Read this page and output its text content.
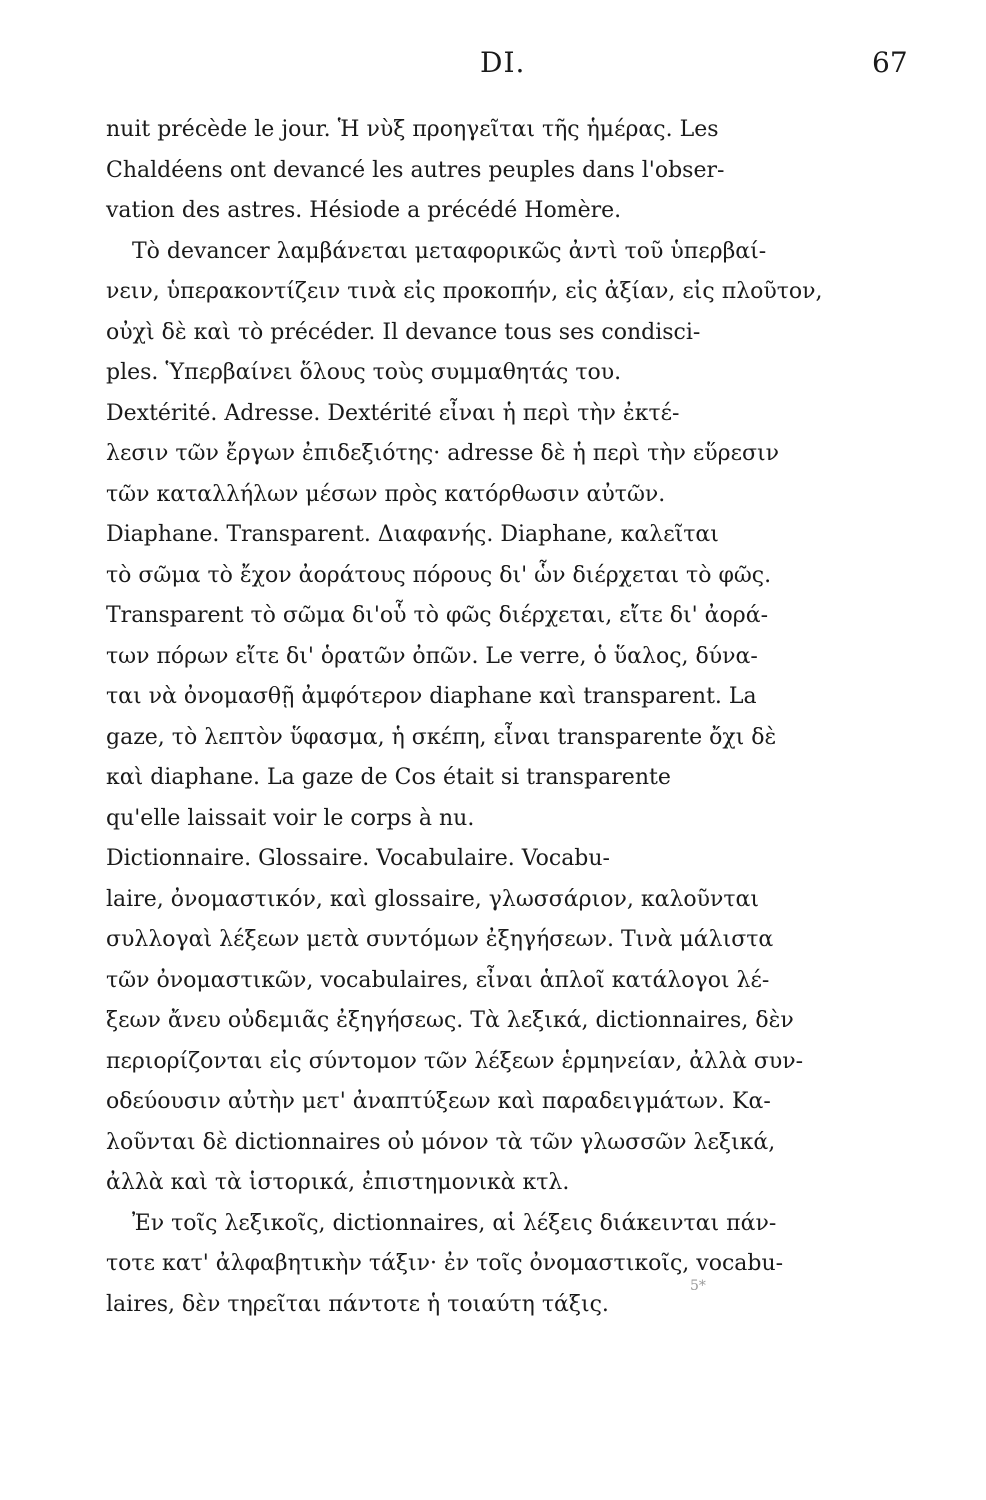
DI.	67
nuit précède le jour. Ἡ νὺξ προηγεῖται τῆς ἡμέρας. Les
Chaldéens ont devancé les autres peuples dans l'obser-
vation des astres. Hésiode a précédé Homère.
Τὸ devancer λαμβάνεται μεταφορικῶς ἀντὶ τοῦ ὑπερβαί-
νειν, ὑπερακοντίζειν τινὰ εἰς προκοπήν, εἰς ἀξίαν, εἰς πλοῦτον,
οὐχὶ δὲ καὶ τὸ précéder. Il devance tous ses condisci-
ples. Ὑπερβαίνει ὅλους τοὺς συμμαθητάς του.
Dextérité. Adresse. Dextérité εἶναι ἡ περὶ τὴν ἐκτέ-
λεσιν τῶν ἔργων ἐπιδεξιότης· adresse δὲ ἡ περὶ τὴν εὕρεσιν
τῶν καταλλήλων μέσων πρὸς κατόρθωσιν αὐτῶν.
Diaphane. Transparent. Διαφανής. Diaphane, καλεῖται
τὸ σῶμα τὸ ἔχον ἀοράτους πόρους δι' ὧν διέρχεται τὸ φῶς.
Transparent τὸ σῶμα δι'οὗ τὸ φῶς διέρχεται, εἴτε δι' ἀορά-
των πόρων εἴτε δι' ὁρατῶν ὀπῶν. Le verre, ὁ ὕαλος, δύνα-
ται νὰ ὀνομασθῇ ἀμφότερον diaphane καὶ transparent. La
gaze, τὸ λεπτὸν ὕφασμα, ἡ σκέπη, εἶναι transparente ὄχι δὲ
καὶ diaphane. La gaze de Cos était si transparente
qu'elle laissait voir le corps à nu.
Dictionnaire. Glossaire. Vocabulaire. Vocabu-
laire, ὀνομαστικόν, καὶ glossaire, γλωσσάριον, καλοῦνται
συλλογαὶ λέξεων μετὰ συντόμων ἐξηγήσεων. Τινὰ μάλιστα
τῶν ὀνομαστικῶν, vocabulaires, εἶναι ἁπλοῖ κατάλογοι λέ-
ξεων ἄνευ οὐδεμιᾶς ἐξηγήσεως. Τὰ λεξικά, dictionnaires, δὲν
περιορίζονται εἰς σύντομον τῶν λέξεων ἑρμηνείαν, ἀλλὰ συν-
οδεύουσιν αὐτὴν μετ' ἀναπτύξεων καὶ παραδειγμάτων. Κα-
λοῦνται δὲ dictionnaires οὐ μόνον τὰ τῶν γλωσσῶν λεξικά,
ἀλλὰ καὶ τὰ ἱστορικά, ἐπιστημονικὰ κτλ.
Ἐν τοῖς λεξικοῖς, dictionnaires, αἱ λέξεις διάκεινται πάν-
τοτε κατ' ἀλφαβητικὴν τάξιν· ἐν τοῖς ὀνομαστικοῖς, vocabu-
laires, δὲν τηρεῖται πάντοτε ἡ τοιαύτη τάξις.
5*
